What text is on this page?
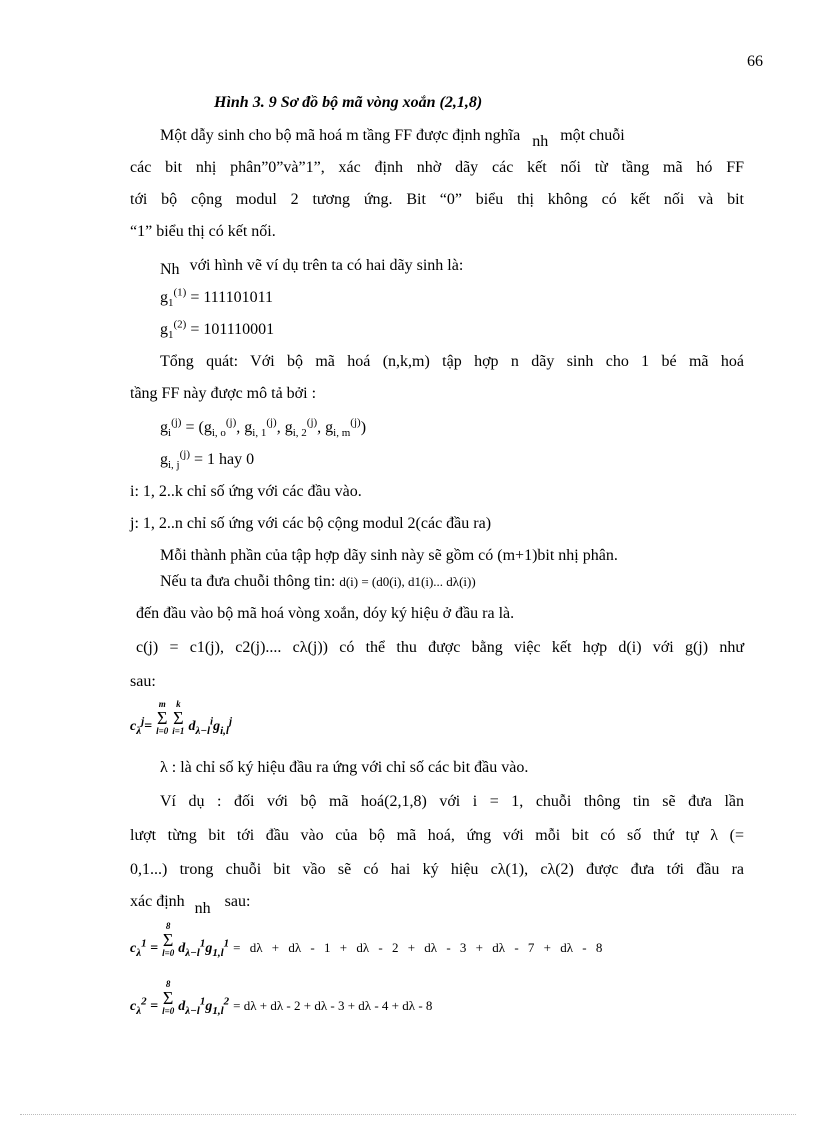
66
Hình 3. 9 Sơ đồ bộ mã vòng xoắn (2,1,8)
Một dẫy sinh cho bộ mã hoá m tầng FF được định nghĩa nh một chuỗi
các bit nhị phân”0”và”1”, xác định nhờ dãy các kết nối từ tầng mã hó FF
tới bộ cộng modul 2 tương ứng. Bit “0” biểu thị không có kết nối và bit
“1” biểu thị có kết nối.
Nh với hình vẽ ví dụ trên ta có hai dãy sinh là:
$g_1^{(1)} = 111101011$
$g_1^{(2)} = 101110001$
Tổng quát: Với bộ mã hoá (n,k,m) tập hợp n dãy sinh cho 1 bé mã hoá
tầng FF này được mô tả bởi :
$g_i^{(j)} = (g_{i, o}^{(j)}$, $g_{i, 1}^{(j)}$, $g_{i, 2}^{(j)}$, $g_{i, m}^{(j)}$)
$g_{i, j}^{(j)} = 1$ hay 0
i: 1, 2..k chỉ số ứng với các đầu vào.
j: 1, 2..n chỉ số ứng với các bộ cộng modul 2(các đầu ra)
Mỗi thành phần của tập hợp dãy sinh này sẽ gồm có (m+1)bit nhị phân.
Nếu ta đưa chuỗi thông tin: d(i) = (d0(i), d1(i)... dλ(i))
đến đầu vào bộ mã hoá vòng xoắn, dóy ký hiệu ở đầu ra là.
c(j) = c1(j), c2(j).... cλ(j)) có thể thu được bằng việc kết hợp d(i) với g(j) như
sau:
$c_\lambda^j= m$
Σ
l=0 k
Σ
i=1 $d_{\lambda-l}^ig_{i,l}^j$
λ : là chỉ số ký hiệu đầu ra ứng với chỉ số các bit đầu vào.
Ví dụ : đối với bộ mã hoá(2,1,8) với i = 1, chuỗi thông tin sẽ đưa lần
lượt từng bit tới đầu vào của bộ mã hoá, ứng với mỗi bit có số thứ tự λ (=
0,1...) trong chuỗi bit vầo sẽ có hai ký hiệu cλ(1), cλ(2) được đưa tới đầu ra
xác định nh sau:
$c_\lambda^1 = 8$
Σ
l=0 $d_{\lambda-l}^1g_{1,l}^1$ $_{= d\lambda + d\lambda - 1 + d\lambda - 2 + d\lambda - 3 + d\lambda - 7 + d\lambda - 8}$
$c_\lambda^2 = 8$
Σ
l=0 $d_{\lambda-l}^1g_{1,l}^2$ $_{= d\lambda + d\lambda - 2 + d\lambda - 3 + d\lambda - 4 + d\lambda - 8}$
